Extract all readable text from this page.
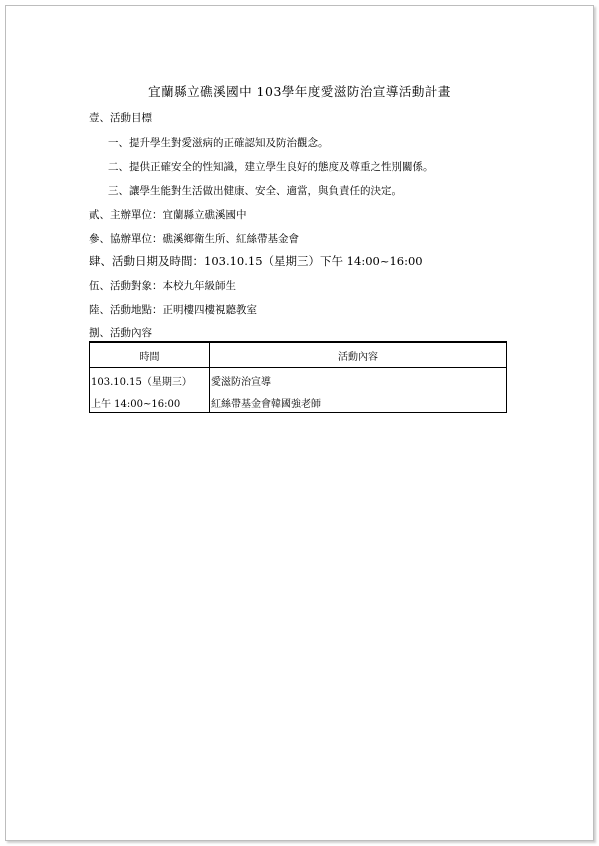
宜蘭縣立礁溪國中 103學年度愛滋防治宣導活動計畫
壹、活動目標
一、提升學生對愛滋病的正確認知及防治觀念。
二、提供正確安全的性知識，建立學生良好的態度及尊重之性別關係。
三、讓學生能對生活做出健康、安全、適當，與負責任的決定。
貳、主辦單位：宜蘭縣立礁溪國中
參、協辦單位：礁溪鄉衛生所、紅絲帶基金會
肆、活動日期及時間：103.10.15（星期三）下午 14:00~16:00
伍、活動對象：本校九年級師生
陸、活動地點：正明樓四樓視聽教室
捌、活動內容
時間	活動內容
103.10.15（星期三）	愛滋防治宣導
上午 14:00~16:00	紅絲帶基金會韓國強老師
